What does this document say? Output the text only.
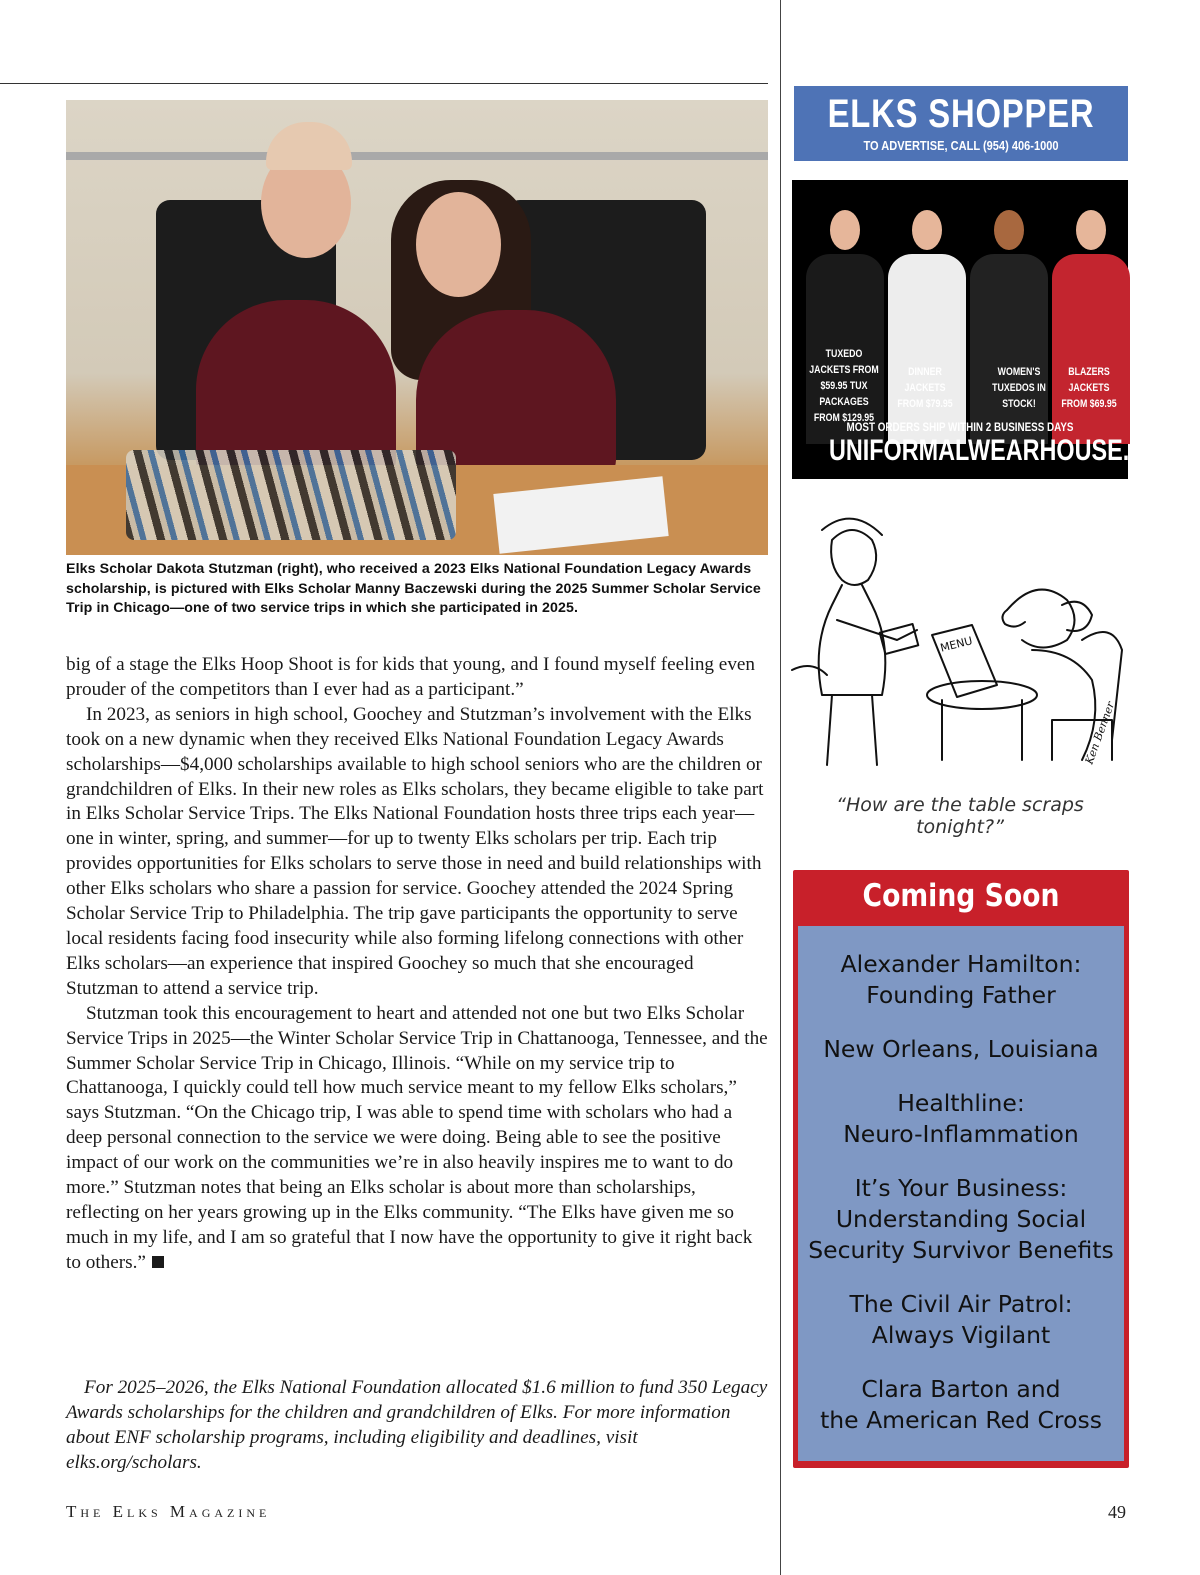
Elks Scholar Dakota Stutzman (right), who received a 2023 Elks National Foundation Legacy Awards scholarship, is pictured with Elks Scholar Manny Baczewski during the 2025 Summer Scholar Service Trip in Chicago—one of two service trips in which she participated in 2025.

big of a stage the Elks Hoop Shoot is for kids that young, and I found myself feeling even prouder of the competitors than I ever had as a participant.”

In 2023, as seniors in high school, Goochey and Stutzman’s involvement with the Elks took on a new dynamic when they received Elks National Foundation Legacy Awards scholarships—$4,000 scholarships available to high school seniors who are the children or grandchildren of Elks. In their new roles as Elks scholars, they became eligible to take part in Elks Scholar Service Trips. The Elks National Foundation hosts three trips each year—one in winter, spring, and summer—for up to twenty Elks scholars per trip. Each trip provides opportunities for Elks scholars to serve those in need and build relationships with other Elks scholars who share a passion for service. Goochey attended the 2024 Spring Scholar Service Trip to Philadelphia. The trip gave participants the opportunity to serve local residents facing food insecurity while also forming lifelong connections with other Elks scholars—an experience that inspired Goochey so much that she encouraged Stutzman to attend a service trip.

Stutzman took this encouragement to heart and attended not one but two Elks Scholar Service Trips in 2025—the Winter Scholar Service Trip in Chattanooga, Tennessee, and the Summer Scholar Service Trip in Chicago, Illinois. “While on my service trip to Chattanooga, I quickly could tell how much service meant to my fellow Elks scholars,” says Stutzman. “On the Chicago trip, I was able to spend time with scholars who had a deep personal connection to the service we were doing. Being able to see the positive impact of our work on the communities we’re in also heavily inspires me to want to do more.” Stutzman notes that being an Elks scholar is about more than scholarships, reflecting on her years growing up in the Elks community. “The Elks have given me so much in my life, and I am so grateful that I now have the opportunity to give it right back to others.”

For 2025–2026, the Elks National Foundation allocated $1.6 million to fund 350 Legacy Awards scholarships for the children and grandchildren of Elks. For more information about ENF scholarship programs, including eligibility and deadlines, visit elks.org/scholars.

The Elks Magazine	49
ELKS SHOPPER
TO ADVERTISE, CALL (954) 406-1000
TUXEDO JACKETS FROM $59.95 TUX PACKAGES FROM $129.95
DINNER JACKETS FROM $79.95
WOMEN'S TUXEDOS IN STOCK!
BLAZERS JACKETS FROM $69.95
MOST ORDERS SHIP WITHIN 2 BUSINESS DAYS
UNIFORMALWEARHOUSE.COM
MENU
Ken Benner
“How are the table scraps tonight?”
Coming Soon
Alexander Hamilton:
Founding Father
New Orleans, Louisiana
Healthline:
Neuro-Inflammation
It’s Your Business:
Understanding Social
Security Survivor Benefits
The Civil Air Patrol:
Always Vigilant
Clara Barton and
the American Red Cross
